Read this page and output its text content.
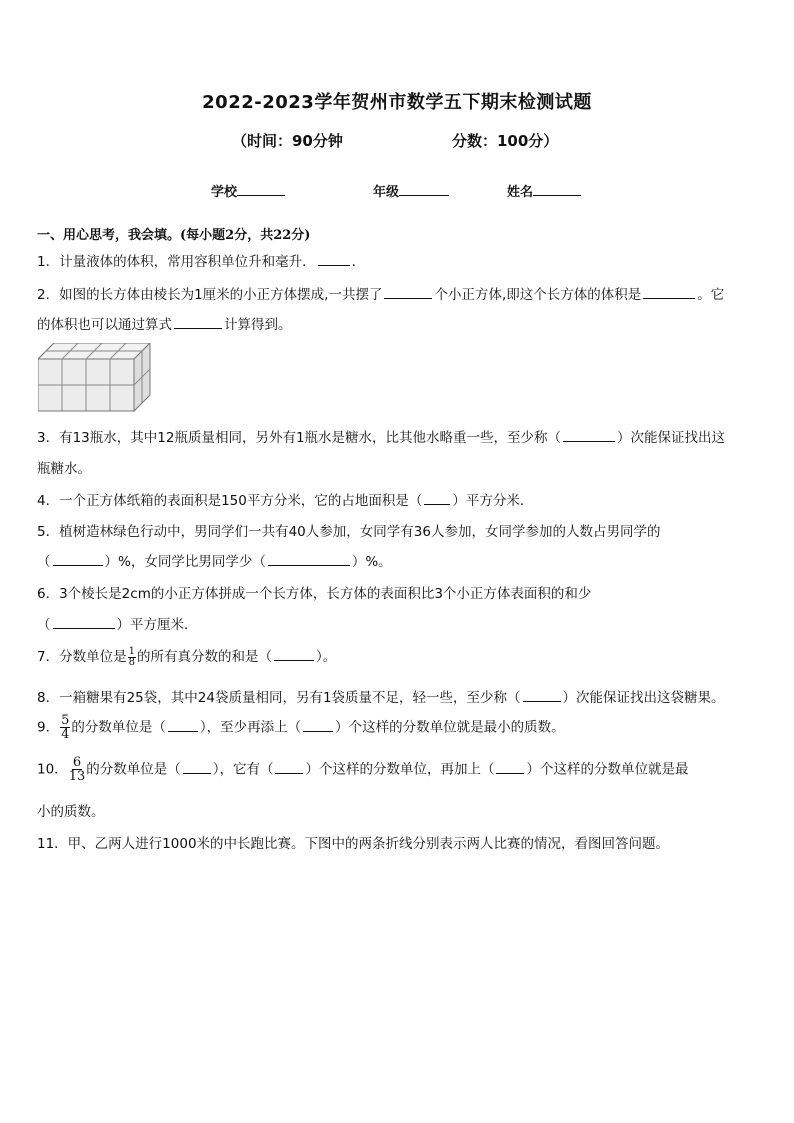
2022-2023学年贺州市数学五下期末检测试题
（时间：90分钟	分数：100分）
学校	年级	姓名
一、用心思考，我会填。(每小题2分，共22分)
1．计量液体的体积，常用容积单位升和毫升．	．
2．如图的长方体由棱长为1厘米的小正方体摆成,一共摆了	个小正方体,即这个长方体的体积是	。它
的体积也可以通过算式	计算得到。
3．有13瓶水，其中12瓶质量相同，另外有1瓶水是糖水，比其他水略重一些，至少称（	）次能保证找出这
瓶糖水。
4．一个正方体纸箱的表面积是150平方分米，它的占地面积是（ ）平方分米．
5．植树造林绿色行动中，男同学们一共有40人参加，女同学有36人参加，女同学参加的人数占男同学的
（	）%，女同学比男同学少（	）%。
6．3个棱长是2cm的小正方体拼成一个长方体，长方体的表面积比3个小正方体表面积的和少
（	）平方厘米．
7．分数单位是 $\frac{1}{8}$ 的所有真分数的和是（	）。
8．一箱糖果有25袋，其中24袋质量相同，另有1袋质量不足，轻一些，至少称（	）次能保证找出这袋糖果。
9． $\frac{5}{4}$ 的分数单位是（	），至少再添上（	）个这样的分数单位就是最小的质数。
10． $\frac{6}{13}$ 的分数单位是（ ），它有（ ）个这样的分数单位，再加上（ ）个这样的分数单位就是最
小的质数。
11．甲、乙两人进行1000米的中长跑比赛。下图中的两条折线分别表示两人比赛的情况，看图回答问题。
